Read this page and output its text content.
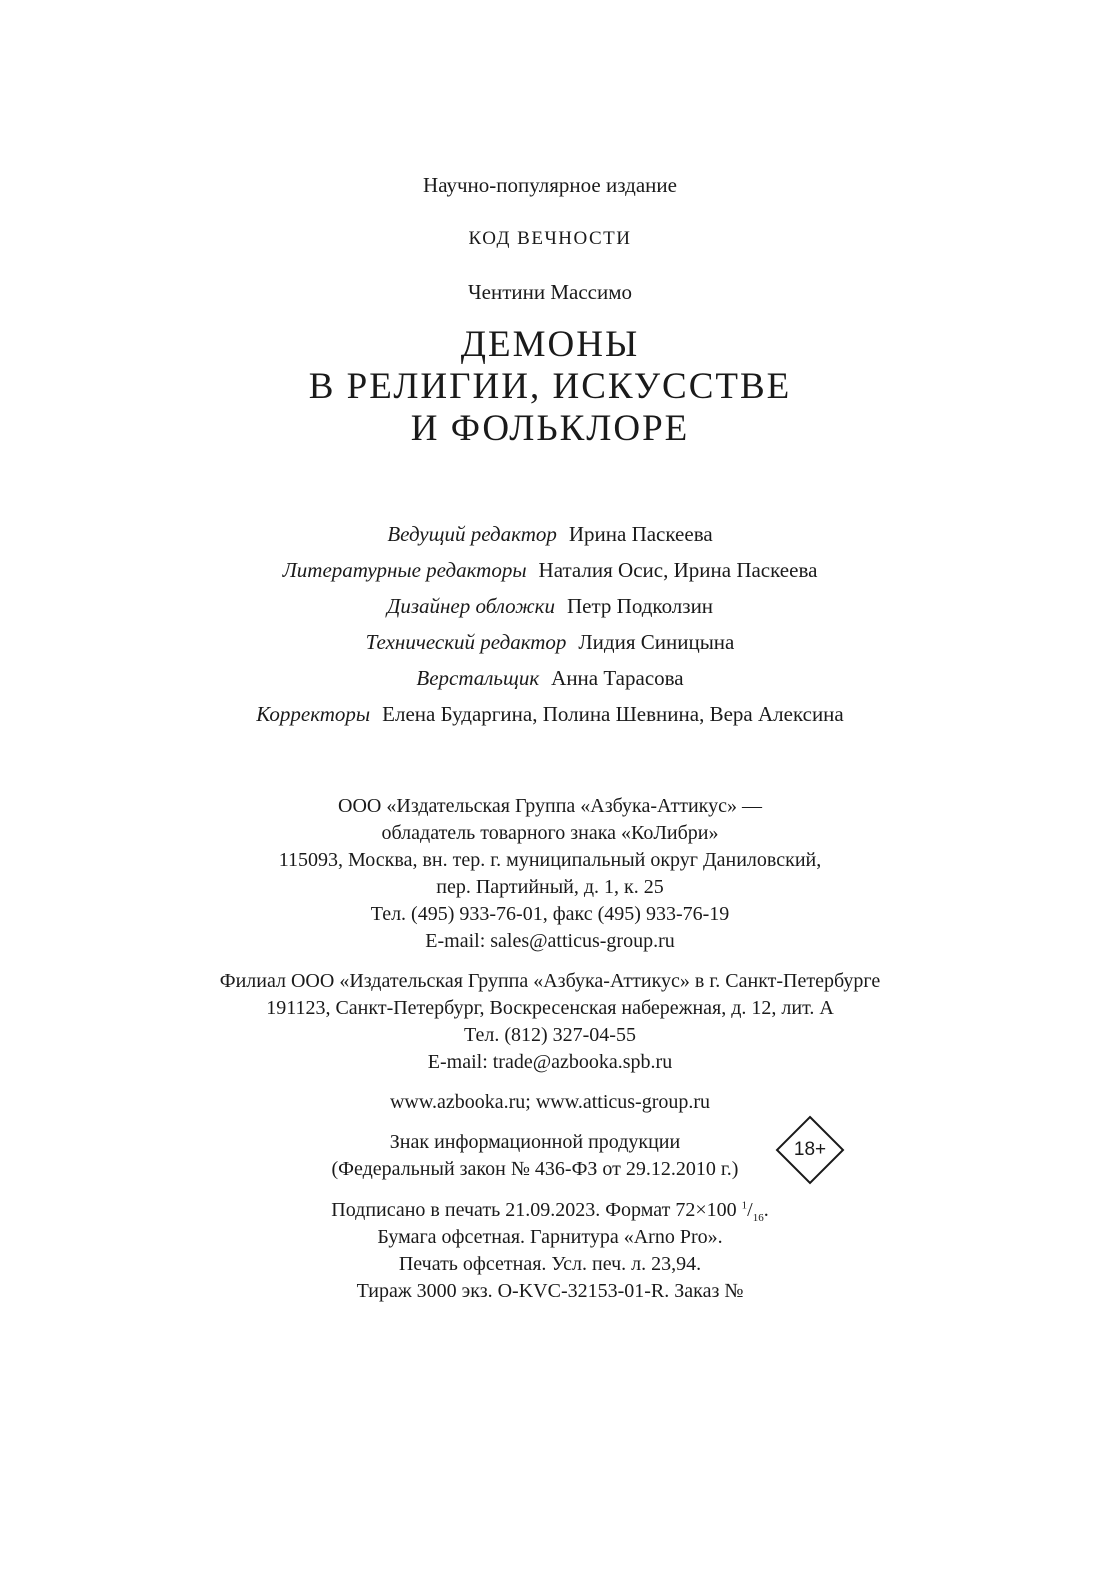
Научно-популярное издание
КОД ВЕЧНОСТИ
Чентини Массимо
ДЕМОНЫ
В РЕЛИГИИ, ИСКУССТВЕ
И ФОЛЬКЛОРЕ
Ведущий редактор Ирина Паскеева
Литературные редакторы Наталия Осис, Ирина Паскеева
Дизайнер обложки Петр Подколзин
Технический редактор Лидия Синицына
Верстальщик Анна Тарасова
Корректоры Елена Бударгина, Полина Шевнина, Вера Алексина
ООО «Издательская Группа «Азбука-Аттикус» —
обладатель товарного знака «КоЛибри»
115093, Москва, вн. тер. г. муниципальный округ Даниловский,
пер. Партийный, д. 1, к. 25
Тел. (495) 933-76-01, факс (495) 933-76-19
E-mail: sales@atticus-group.ru
Филиал ООО «Издательская Группа «Азбука-Аттикус» в г. Санкт-Петербурге
191123, Санкт-Петербург, Воскресенская набережная, д. 12, лит. А
Тел. (812) 327-04-55
E-mail: trade@azbooka.spb.ru
www.azbooka.ru; www.atticus-group.ru
Знак информационной продукции
(Федеральный закон № 436-ФЗ от 29.12.2010 г.)
18+
Подписано в печать 21.09.2023. Формат 72×100 $^1/_{16}$.
Бумага офсетная. Гарнитура «Arno Pro».
Печать офсетная. Усл. печ. л. 23,94.
Тираж 3000 экз. O-KVC-32153-01-R. Заказ №
